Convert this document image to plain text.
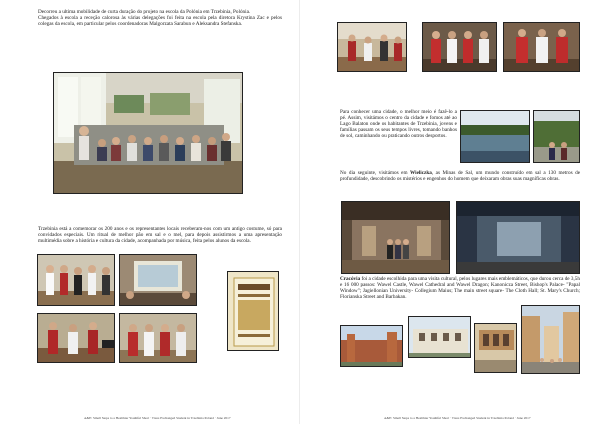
Decorreu a ultima mobilidade de curta duração do projeto na escola da Polónia em Trzebinia, Polónia.

Chegados à escola a receção calorosa às várias delegações foi feita na escola pela diretora Krystina Zac e pelos colegas da escola, em particular pelos coordenadoras Malgorzata Sarabun e Aleksandra Stefanska.

Trzebinia está a comemorar os 200 anos e os representantes locais receberam-nos com um antigo costume, só para convidados especiais. Um ritual de melhor pão em sal e o mel, para depois assistirmos a uma apresentação multimédia sobre a história e cultura da cidade, acompanhada por música, feita pelos alunos da escola.

A&E: Small Steps to a Healthier Youthful Short · Trzes Exchanged Student in Trzebinia Poland · June 2017

Para conhecer uma cidade, o melhor meio é fazê-lo a pé. Assim, visitámos o centro da cidade e fomos até ao Lago Balaton onde os habitantes de Trzebinia, jovens e famílias passam os seus tempos livres, tomando banhos de sol, caminhando ou praticando outros desportos.

No dia seguinte, visitámos em Wieliczka, as Minas de Sal, um mundo construído em sal a 130 metros de profundidade, descobrindo os mistérios e engenhos do homem que deixaram obras suas magníficas obras.

Cracóvia foi a cidade escolhida para uma visita cultural, pelos lugares mais emblemáticos, que durou cerca de 3,5h e 16 000 passos: Wawel Castle, Wawel Cathedral and Wawel Dragon; Kanonicza Street, Bishop's Palace- "Papal Window"; Jagiellonian University- Collegium Maius; The main street square- The Cloth Hall; St. Mary's Church; Florianska Street and Barbakan.

A&E: Small Steps to a Healthier Youthful Short · Trzes Exchanged Student in Trzebinia Poland · June 2017
